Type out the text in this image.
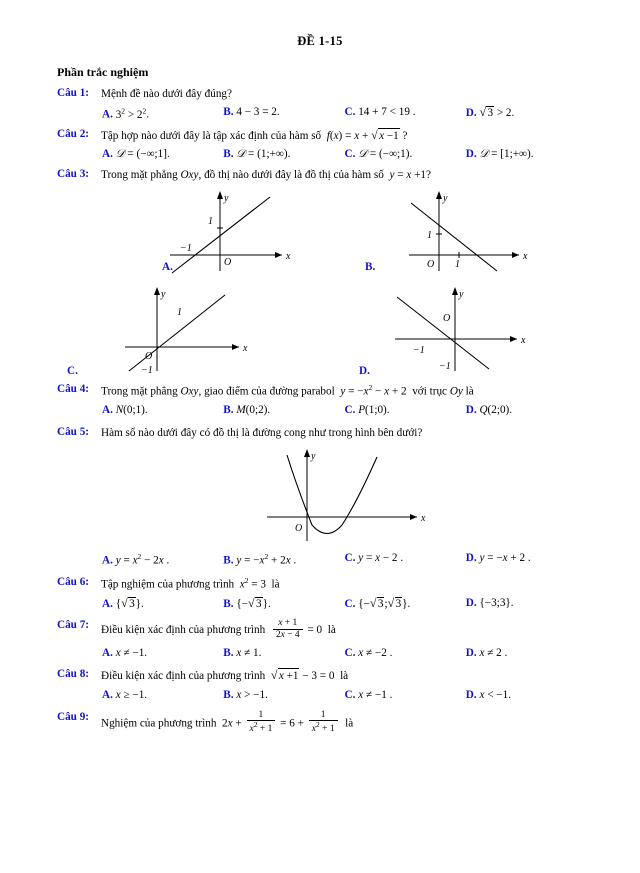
ĐỀ 1-15
Phần trắc nghiệm
Câu 1:	Mệnh đề nào dưới đây đúng?
A. $3^2 > 2^2$.	B. 4 − 3 = 2.	C. 14 + 7 < 19 .	D. √ 3 > 2.
Câu 2:	Tập hợp nào dưới đây là tập xác định của hàm số  f(x) = x + √ x −1 ?
A. 𝒟 = (−∞;1].	B. 𝒟 = (1;+∞).	C. 𝒟 = (−∞;1).	D. 𝒟 = [1;+∞).
Câu 3:	Trong mặt phẳng Oxy, đồ thị nào dưới đây là đồ thị của hàm số  y = x +1?
y
x
O
1
−1
A.
y
x
O
1
1
B.
y
x
O
1
−1
C.
y
x
O
−1
−1
D.
Câu 4:	Trong mặt phẳng Oxy, giao điểm của đường parabol  $y = -x^2 - x + 2$  với trục Oy là
A. N(0;1).	B. M(0;2).	C. P(1;0).	D. Q(2;0).
Câu 5:	Hàm số nào dưới đây có đồ thị là đường cong như trong hình bên dưới?
y
x
O
A. $y = x^2 - 2x$ .	B. $y = -x^2 + 2x$ .	C. y = x − 2 .	D. y = −x + 2 .
Câu 6:	Tập nghiệm của phương trình  $x^2 = 3$  là
A. { √ 3}.	B. {− √ 3}.	C. {− √ 3; √ 3}.	D. {−3;3}.
Câu 7:	Điều kiện xác định của phương trình $\frac{x + 1}{2x - 4} = 0$  là
A. x ≠ −1.	B. x ≠ 1.	C. x ≠ −2 .	D. x ≠ 2 .
Câu 8:	Điều kiện xác định của phương trình  √ x +1 − 3 = 0  là
A. x ≥ −1.	B. x > −1.	C. x ≠ −1 .	D. x < −1.
Câu 9:
Nghiệm của phương trình  $2x + \frac{1}{x^2 + 1} = 6 + \frac{1}{x^2 + 1}$ là
